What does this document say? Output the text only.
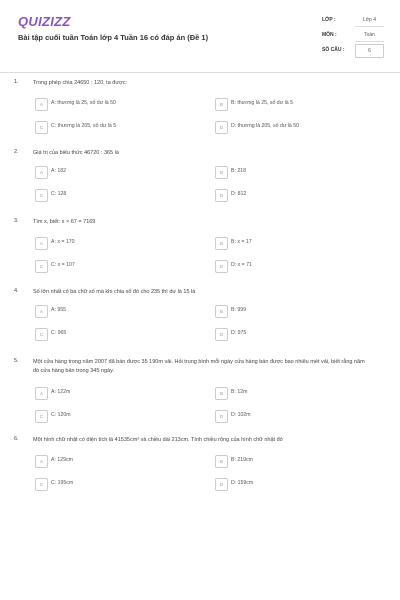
QUIZIZZ
Bài tập cuối tuần Toán lớp 4 Tuần 16 có đáp án (Đề 1)
LỚP :	Lớp 4
MÔN :	Toán
SỐ CÂU :	6
1.	Trong phép chia 24650 : 120, ta được:
A	A: thương là 25, số dư là 50	B	B: thương là 25, số dư là 5
C	C: thương là 205, số dư là 5	D	D: thương là 205, số dư là 50
2.	Giá trị của biểu thức 46720 : 365 là
A	A: 182	B	B: 218
C	C: 128	D	D: 812
3.	Tìm x, biết: x × 67 = 7169
A	A: x = 170	B	B: x = 17
C	C: x = 107	D	D: x = 71
4.	Số lớn nhất có ba chữ số mà khi chia số đó cho 235 thì dư là 15 là
A	A: 955	B	B: 999
C	C: 965	D	D: 975
5.	Một cửa hàng trong năm 2007 đã bán được 35 190m vải. Hỏi trung bình mỗi ngày cửa hàng bán được bao nhiêu mét vải, biết rằng năm đó cửa hàng bán trong 345 ngày.
A	A: 122m	B	B: 12m
C	C: 120m	D	D: 102m
6.	Một hình chữ nhật có diện tích là 41535cm² và chiều dài 213cm. Tính chiều rộng của hình chữ nhật đó
A	A: 129cm	B	B: 219cm
C	C: 195cm	D	D: 159cm
